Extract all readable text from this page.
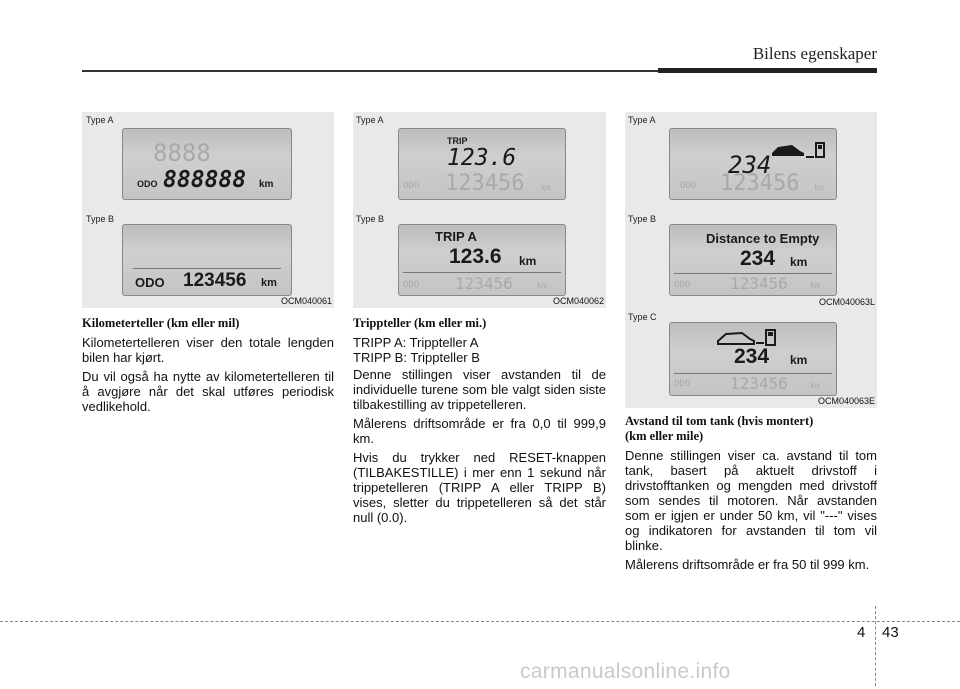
Bilens egenskaper
Type A
8888
ODO 888888 km
Type B
ODO 123456 km
OCM040061
Type A
TRIP
123.6
ODO 123456 km
Type B
TRIP A
123.6 km
ODO 123456	km
OCM040062
Type A
234
ODO 123456 km
Type B
Distance to Empty
234 km
ODO 123456	km
OCM040063L
Type C
234 km
ODO 123456	km
OCM040063E

Kilometerteller (km eller mil)

Kilometertelleren viser den totale lengden bilen har kjørt.

Du vil også ha nytte av kilometertelleren til å avgjøre når det skal utføres periodisk vedlikehold.

Trippteller (km eller mi.)

TRIPP A: Trippteller A

TRIPP B: Trippteller B

Denne stillingen viser avstanden til de individuelle turene som ble valgt siden siste tilbakestilling av trippetelleren.

Målerens driftsområde er fra 0,0 til 999,9 km.

Hvis du trykker ned RESET-knappen (TILBAKESTILLE) i mer enn 1 sekund når trippetelleren (TRIPP A eller TRIPP B) vises, sletter du trippetelleren så det står null (0.0).

Avstand til tom tank (hvis montert)

(km eller mile)

Denne stillingen viser ca. avstand til tom tank, basert på aktuelt drivstoff i drivstofftanken og mengden med drivstoff som sendes til motoren. Når avstanden som er igjen er under 50 km, vil "---" vises og indikatoren for avstanden til tom vil blinke.

Målerens driftsområde er fra 50 til 999 km.

4 43
carmanualsonline.info
